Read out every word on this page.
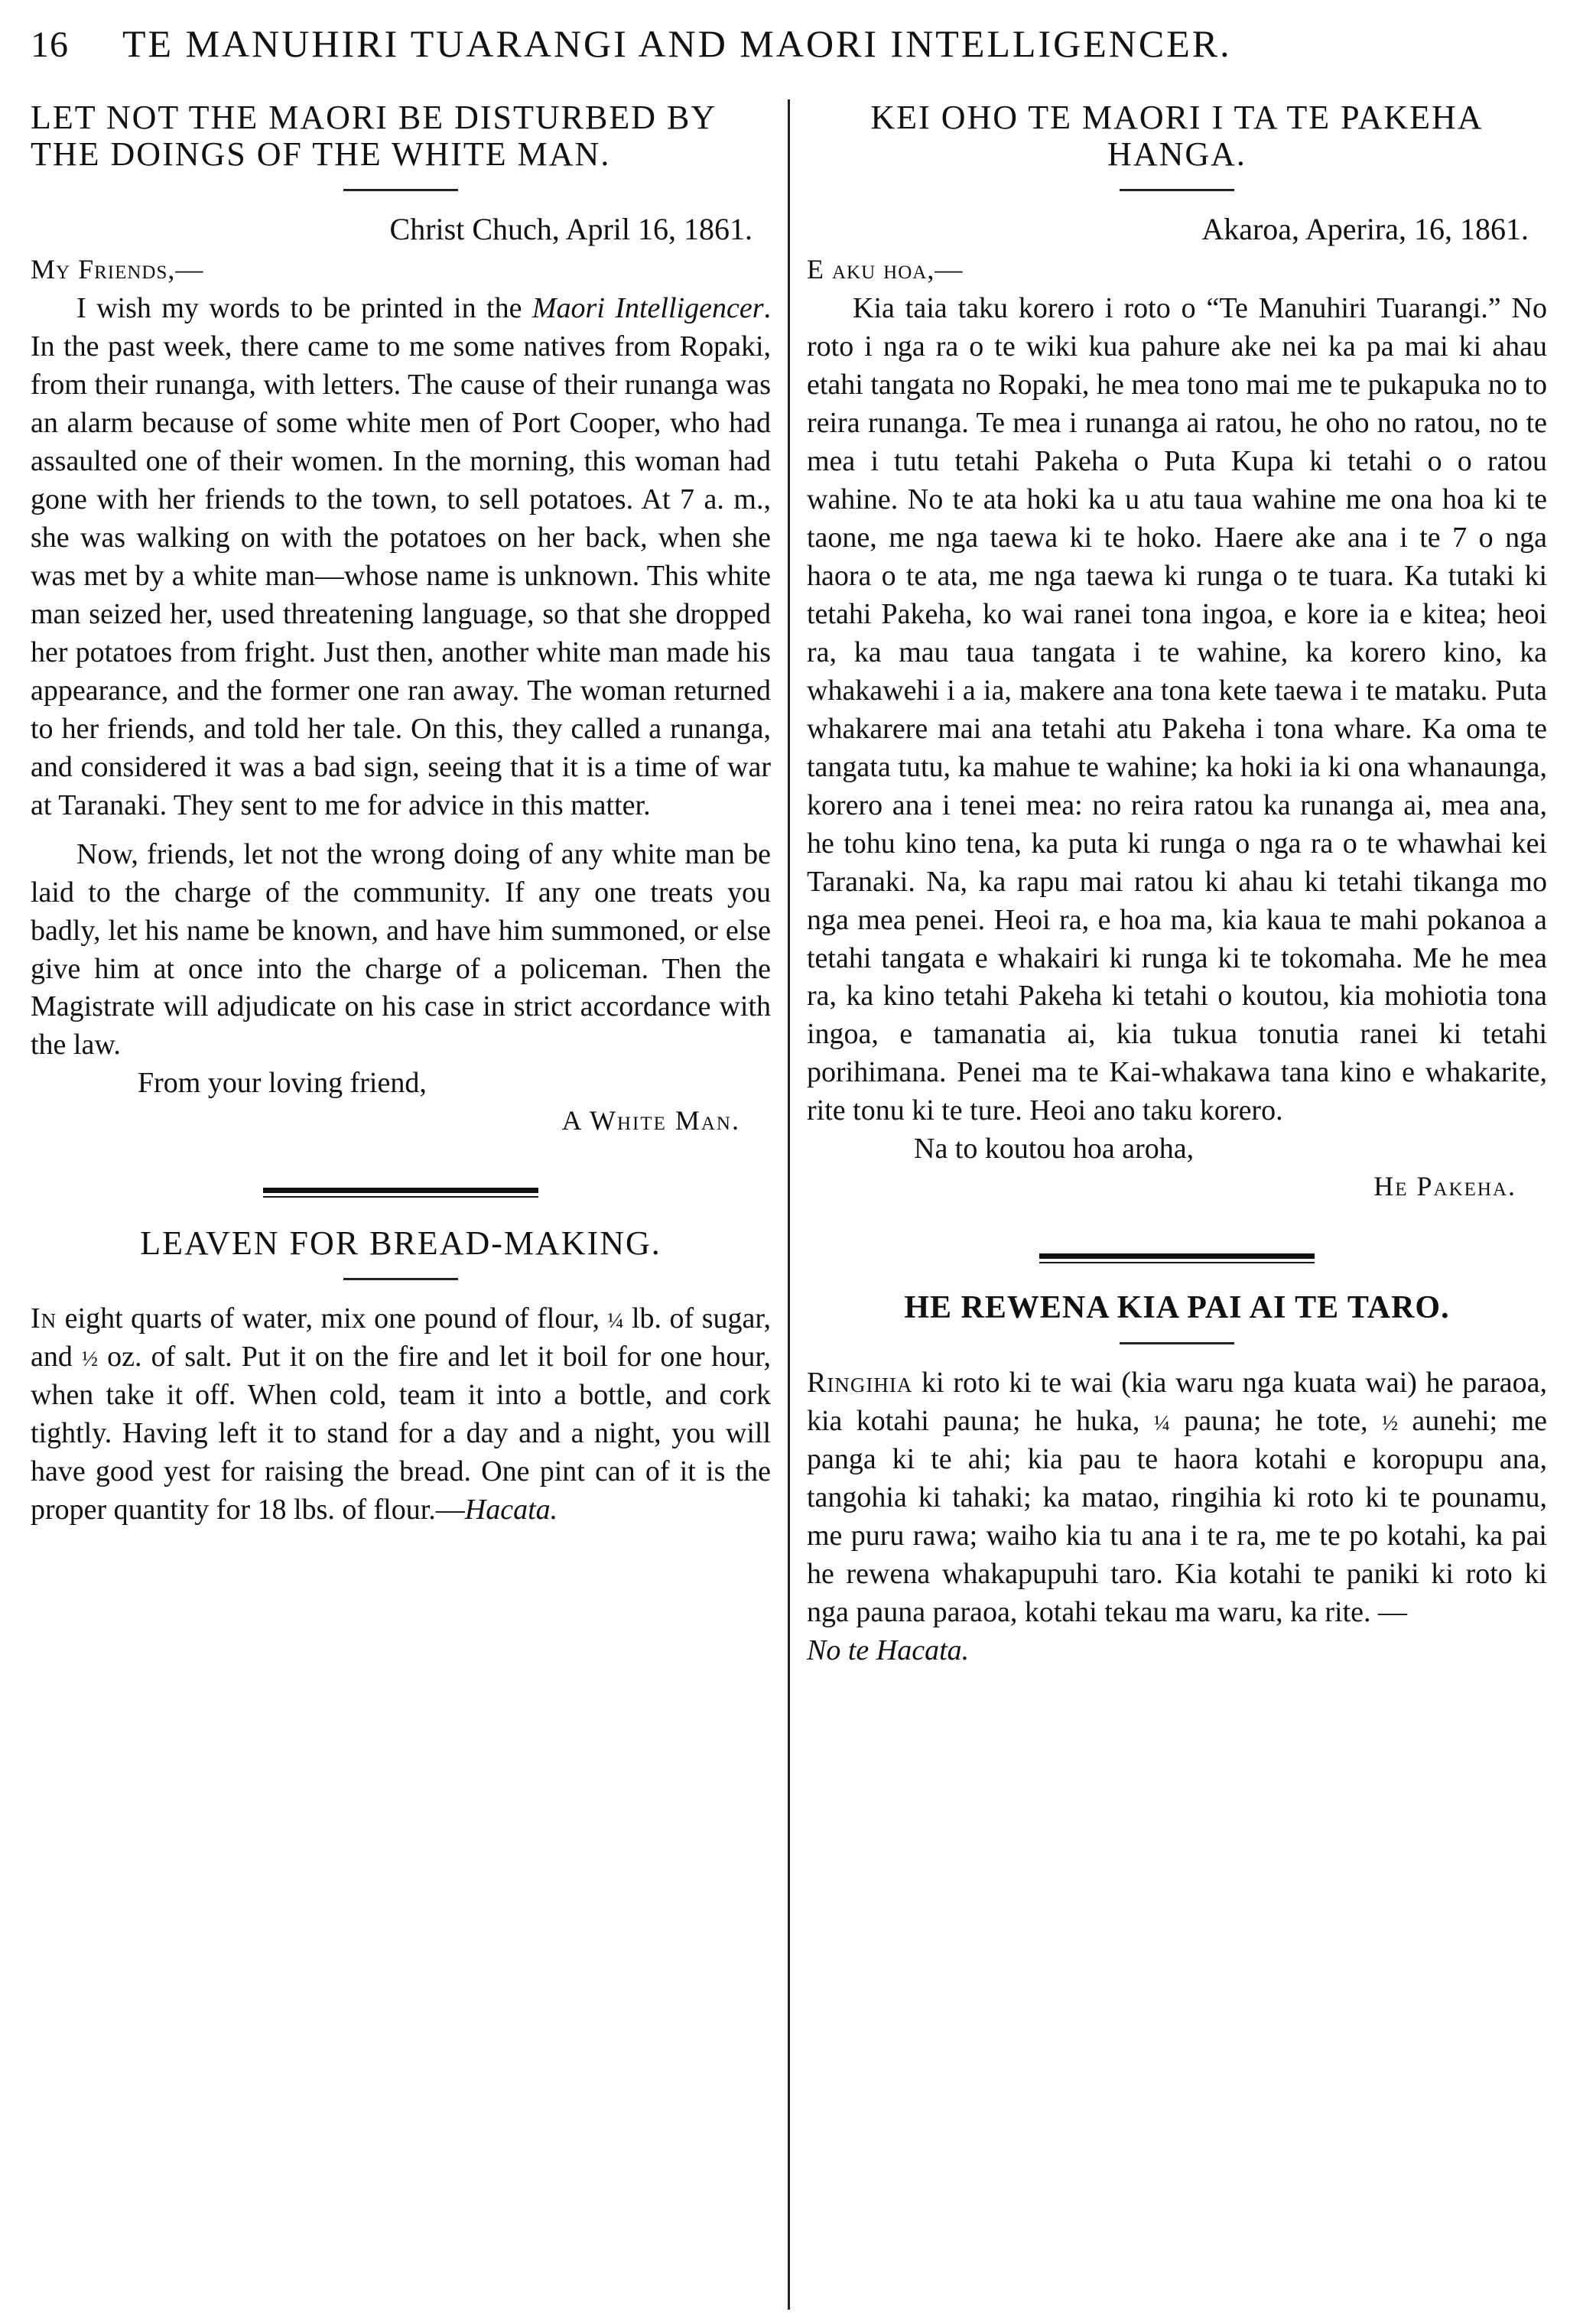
16	TE MANUHIRI TUARANGI AND MAORI INTELLIGENCER.
LET NOT THE MAORI BE DISTURBED BY THE DOINGS OF THE WHITE MAN.
Christ Chuch, April 16, 1861.
My Friends,—

I wish my words to be printed in the Maori Intelligencer. In the past week, there came to me some natives from Ropaki, from their runanga, with letters. The cause of their runanga was an alarm because of some white men of Port Cooper, who had assaulted one of their women. In the morning, this woman had gone with her friends to the town, to sell potatoes. At 7 a. m., she was walking on with the potatoes on her back, when she was met by a white man—whose name is unknown. This white man seized her, used threatening language, so that she dropped her potatoes from fright. Just then, another white man made his appearance, and the former one ran away. The woman returned to her friends, and told her tale. On this, they called a runanga, and considered it was a bad sign, seeing that it is a time of war at Taranaki. They sent to me for advice in this matter.

Now, friends, let not the wrong doing of any white man be laid to the charge of the community. If any one treats you badly, let his name be known, and have him summoned, or else give him at once into the charge of a policeman. Then the Magistrate will adjudicate on his case in strict accordance with the law.

From your loving friend,
A White Man.
LEAVEN FOR BREAD-MAKING.

In eight quarts of water, mix one pound of flour, ¼ lb. of sugar, and ½ oz. of salt. Put it on the fire and let it boil for one hour, when take it off. When cold, team it into a bottle, and cork tightly. Having left it to stand for a day and a night, you will have good yest for raising the bread. One pint can of it is the proper quantity for 18 lbs. of flour.—Hacata.

KEI OHO TE MAORI I TA TE PAKEHA HANGA.
Akaroa, Aperira, 16, 1861.
E aku hoa,—

Kia taia taku korero i roto o “Te Manuhiri Tuarangi.” No roto i nga ra o te wiki kua pahure ake nei ka pa mai ki ahau etahi tangata no Ropaki, he mea tono mai me te pukapuka no to reira runanga. Te mea i runanga ai ratou, he oho no ratou, no te mea i tutu tetahi Pakeha o Puta Kupa ki tetahi o o ratou wahine. No te ata hoki ka u atu taua wahine me ona hoa ki te taone, me nga taewa ki te hoko. Haere ake ana i te 7 o nga haora o te ata, me nga taewa ki runga o te tuara. Ka tutaki ki tetahi Pakeha, ko wai ranei tona ingoa, e kore ia e kitea; heoi ra, ka mau taua tangata i te wahine, ka korero kino, ka whakawehi i a ia, makere ana tona kete taewa i te mataku. Puta whakarere mai ana tetahi atu Pakeha i tona whare. Ka oma te tangata tutu, ka mahue te wahine; ka hoki ia ki ona whanaunga, korero ana i tenei mea: no reira ratou ka runanga ai, mea ana, he tohu kino tena, ka puta ki runga o nga ra o te whawhai kei Taranaki. Na, ka rapu mai ratou ki ahau ki tetahi tikanga mo nga mea penei. Heoi ra, e hoa ma, kia kaua te mahi pokanoa a tetahi tangata e whakairi ki runga ki te tokomaha. Me he mea ra, ka kino tetahi Pakeha ki tetahi o koutou, kia mohiotia tona ingoa, e tamanatia ai, kia tukua tonutia ranei ki tetahi porihimana. Penei ma te Kai-whakawa tana kino e whakarite, rite tonu ki te ture. Heoi ano taku korero.

Na to koutou hoa aroha,
He Pakeha.
HE REWENA KIA PAI AI TE TARO.

Ringihia ki roto ki te wai (kia waru nga kuata wai) he paraoa, kia kotahi pauna; he huka, ¼ pauna; he tote, ½ aunehi; me panga ki te ahi; kia pau te haora kotahi e koropupu ana, tangohia ki tahaki; ka matao, ringihia ki roto ki te pounamu, me puru rawa; waiho kia tu ana i te ra, me te po kotahi, ka pai he rewena whakapupuhi taro. Kia kotahi te paniki ki roto ki nga pauna paraoa, kotahi tekau ma waru, ka rite. —
No te Hacata.
